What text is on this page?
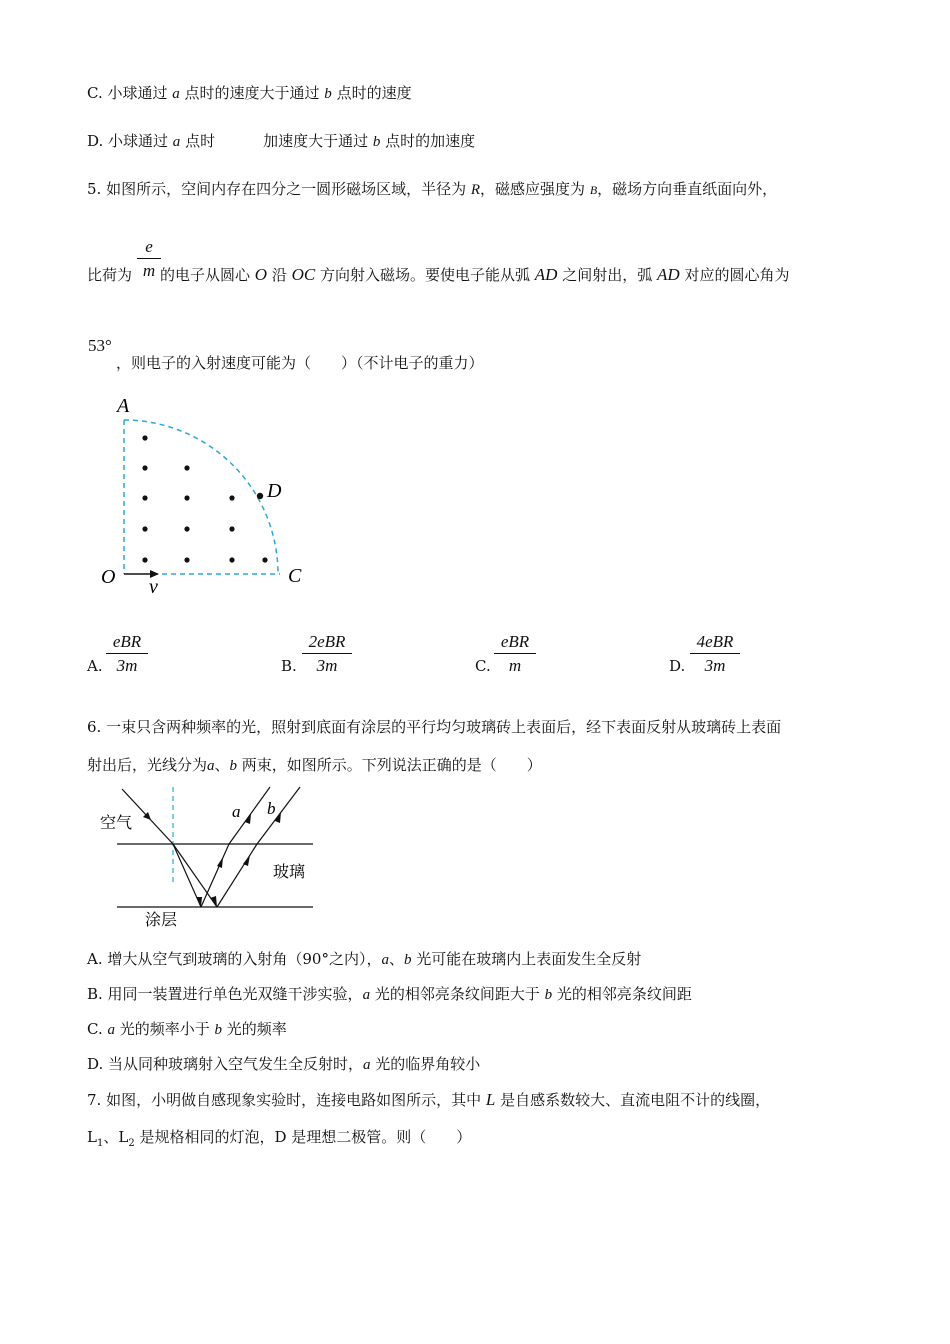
C. 小球通过 a 点时的速度大于通过 b 点时的速度
D. 小球通过 a 点时	加速度大于通过 b 点时的加速度
5. 如图所示，空间内存在四分之一圆形磁场区域，半径为 R，磁感应强度为 B，磁场方向垂直纸面向外，
$\frac{e}{m}$
比荷为 的电子从圆心 O 沿 OC 方向射入磁场。要使电子能从弧 AD 之间射出，弧 AD 对应的圆心角为
53°
，则电子的入射速度可能为（　　）（不计电子的重力）
A
D
O	C
v
A.
eBR
3m	B.
2eBR
3m	C.
eBR
m	D.
4eBR
3m
6. 一束只含两种频率的光，照射到底面有涂层的平行均匀玻璃砖上表面后，经下表面反射从玻璃砖上表面
射出后，光线分为a、b 两束，如图所示。下列说法正确的是（　　）
空气
玻璃
涂层
a b
A. 增大从空气到玻璃的入射角（90°之内），a、b 光可能在玻璃内上表面发生全反射
B. 用同一装置进行单色光双缝干涉实验，a 光的相邻亮条纹间距大于 b 光的相邻亮条纹间距
C. a 光的频率小于 b 光的频率
D. 当从同种玻璃射入空气发生全反射时，a 光的临界角较小
7. 如图，小明做自感现象实验时，连接电路如图所示，其中 L 是自感系数较大、直流电阻不计的线圈，
$L_1$、$L_2$ 是规格相同的灯泡，D 是理想二极管。则（　　）
